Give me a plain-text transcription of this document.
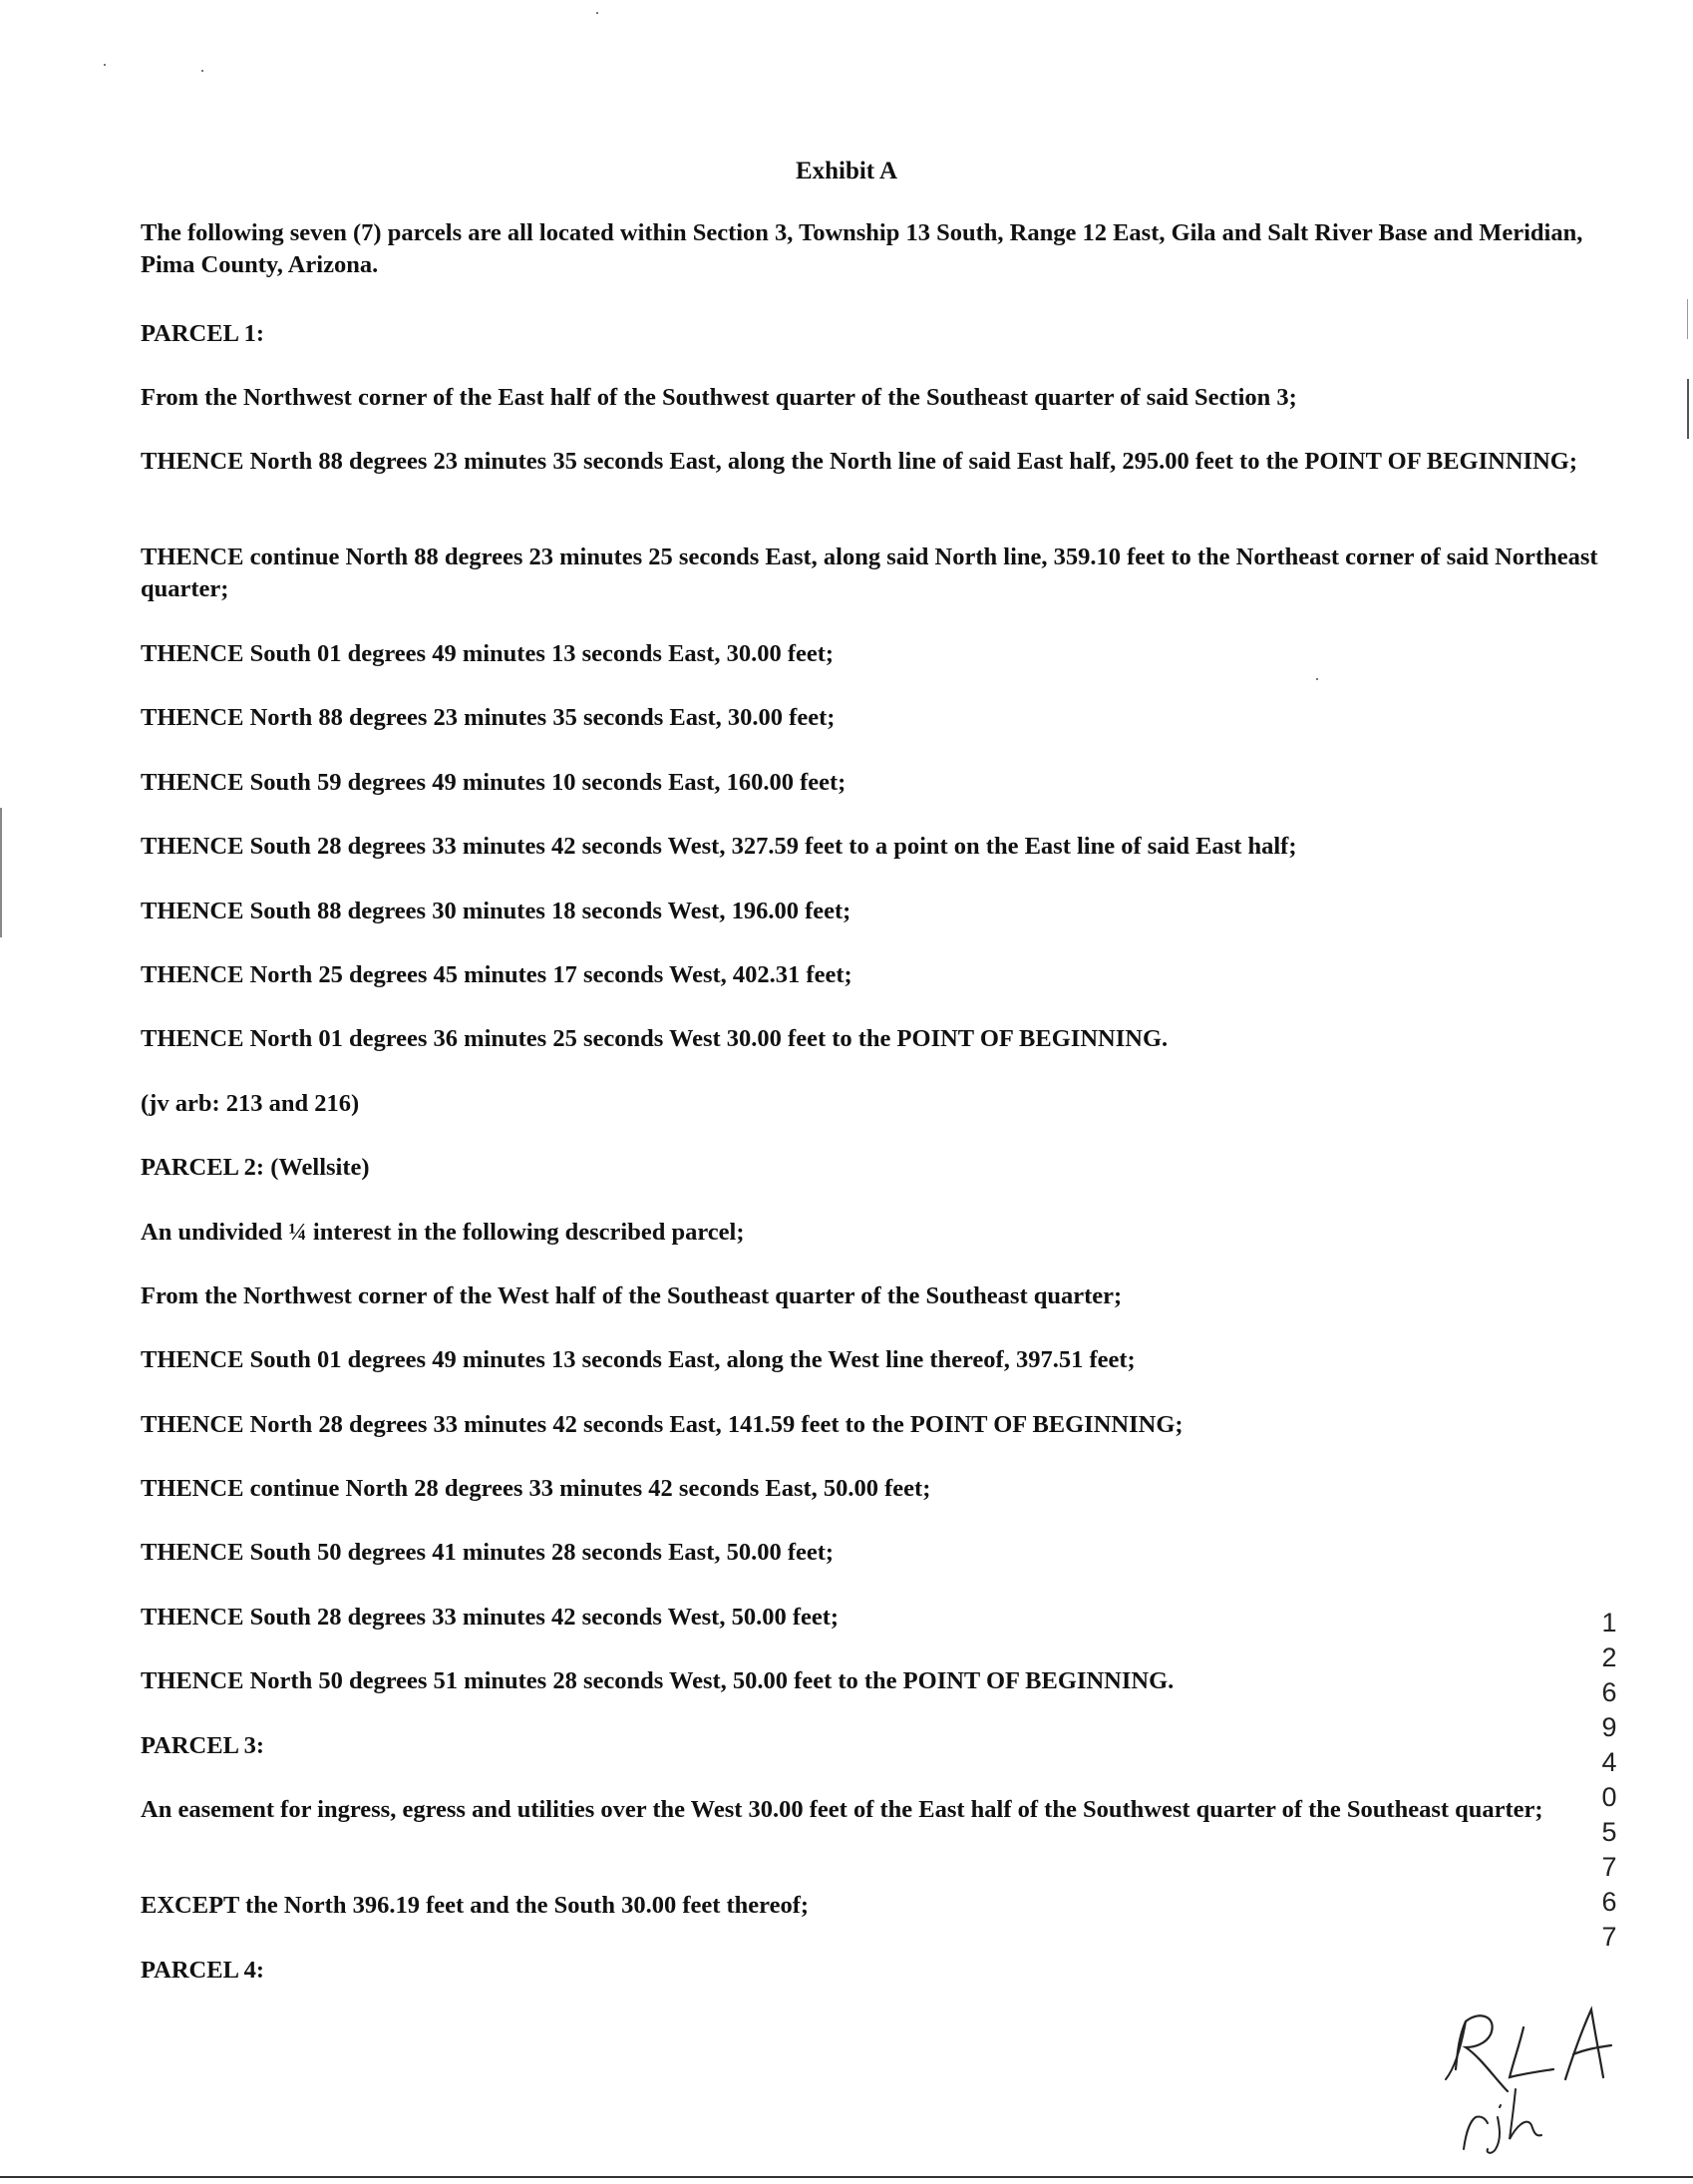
Exhibit A

The following seven (7) parcels are all located within Section 3, Township 13 South, Range 12 East, Gila and Salt River Base and Meridian, Pima County, Arizona.

PARCEL 1:

From the Northwest corner of the East half of the Southwest quarter of the Southeast quarter of said Section 3;

THENCE North 88 degrees 23 minutes 35 seconds East, along the North line of said East half, 295.00 feet to the POINT OF BEGINNING;

THENCE continue North 88 degrees 23 minutes 25 seconds East, along said North line, 359.10 feet to the Northeast corner of said Northeast quarter;

THENCE South 01 degrees 49 minutes 13 seconds East, 30.00 feet;

THENCE North 88 degrees 23 minutes 35 seconds East, 30.00 feet;

THENCE South 59 degrees 49 minutes 10 seconds East, 160.00 feet;

THENCE South 28 degrees 33 minutes 42 seconds West, 327.59 feet to a point on the East line of said East half;

THENCE South 88 degrees 30 minutes 18 seconds West, 196.00 feet;

THENCE North 25 degrees 45 minutes 17 seconds West, 402.31 feet;

THENCE North 01 degrees 36 minutes 25 seconds West 30.00 feet to the POINT OF BEGINNING.

(jv arb: 213 and 216)

PARCEL 2: (Wellsite)

An undivided ¼ interest in the following described parcel;

From the Northwest corner of the West half of the Southeast quarter of the Southeast quarter;

THENCE South 01 degrees 49 minutes 13 seconds East, along the West line thereof, 397.51 feet;

THENCE North 28 degrees 33 minutes 42 seconds East, 141.59 feet to the POINT OF BEGINNING;

THENCE continue North 28 degrees 33 minutes 42 seconds East, 50.00 feet;

THENCE South 50 degrees 41 minutes 28 seconds East, 50.00 feet;

THENCE South 28 degrees 33 minutes 42 seconds West, 50.00 feet;

THENCE North 50 degrees 51 minutes 28 seconds West, 50.00 feet to the POINT OF BEGINNING.

PARCEL 3:

An easement for ingress, egress and utilities over the West 30.00 feet of the East half of the Southwest quarter of the Southeast quarter;

EXCEPT the North 396.19 feet and the South 30.00 feet thereof;

PARCEL 4:

12694 0576 7
